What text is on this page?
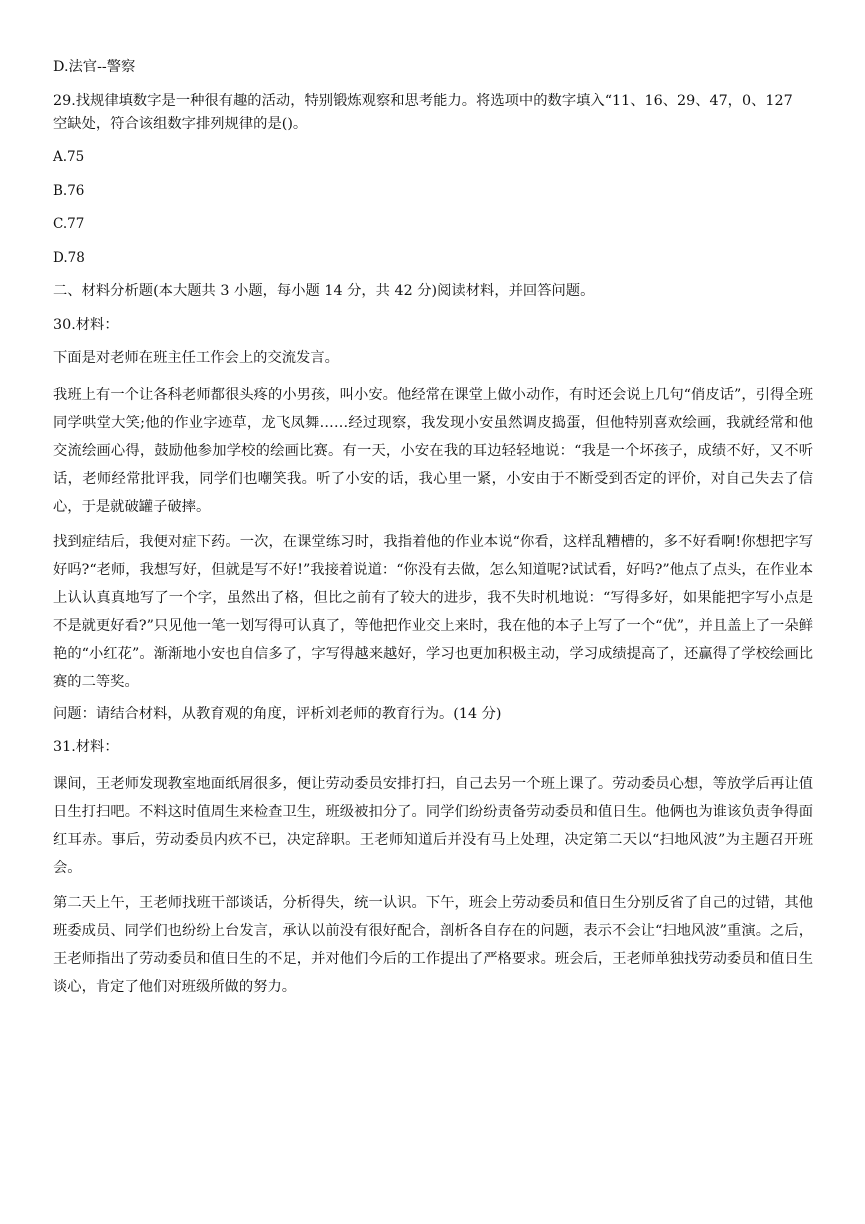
D.法官--警察
29.找规律填数字是一种很有趣的活动，特别锻炼观察和思考能力。将选项中的数字填入“11、16、29、47，0、127
空缺处，符合该组数字排列规律的是()。
A.75
B.76
C.77
D.78
二、材料分析题(本大题共 3 小题，每小题 14 分，共 42 分)阅读材料，并回答问题。
30.材料：
下面是对老师在班主任工作会上的交流发言。
我班上有一个让各科老师都很头疼的小男孩，叫小安。他经常在课堂上做小动作，有时还会说上几句“俏皮话”，引得全班同学哄堂大笑;他的作业字迹草，龙飞凤舞……经过现察，我发现小安虽然调皮捣蛋，但他特别喜欢绘画，我就经常和他交流绘画心得，鼓励他参加学校的绘画比赛。有一天，小安在我的耳边轻轻地说：“我是一个坏孩子，成绩不好，又不听话，老师经常批评我，同学们也嘲笑我。听了小安的话，我心里一紧，小安由于不断受到否定的评价，对自己失去了信心，于是就破罐子破摔。
找到症结后，我便对症下药。一次，在课堂练习时，我指着他的作业本说“你看，这样乱糟槽的，多不好看啊!你想把字写好吗?“老师，我想写好，但就是写不好!”我接着说道：“你没有去做，怎么知道呢?试试看，好吗?”他点了点头，在作业本上认认真真地写了一个字，虽然出了格，但比之前有了较大的进步，我不失时机地说：“写得多好，如果能把字写小点是不是就更好看?”只见他一笔一划写得可认真了，等他把作业交上来时，我在他的本子上写了一个“优”，并且盖上了一朵鲜艳的“小红花”。渐渐地小安也自信多了，字写得越来越好，学习也更加积极主动，学习成绩提高了，还赢得了学校绘画比赛的二等奖。
问题：请结合材料，从教育观的角度，评析刘老师的教育行为。(14 分)
31.材料：
课间，王老师发现教室地面纸屑很多，便让劳动委员安排打扫，自己去另一个班上课了。劳动委员心想，等放学后再让值日生打扫吧。不料这时值周生来检查卫生，班级被扣分了。同学们纷纷责备劳动委员和值日生。他俩也为谁该负责争得面红耳赤。事后，劳动委员内疚不已，决定辞职。王老师知道后并没有马上处理，决定第二天以“扫地风波”为主题召开班会。
第二天上午，王老师找班干部谈话，分析得失，统一认识。下午，班会上劳动委员和值日生分别反省了自己的过错，其他班委成员、同学们也纷纷上台发言，承认以前没有很好配合，剖析各自存在的问题，表示不会让“扫地风波”重演。之后，王老师指出了劳动委员和值日生的不足，并对他们今后的工作提出了严格要求。班会后，王老师单独找劳动委员和值日生谈心，肯定了他们对班级所做的努力。
